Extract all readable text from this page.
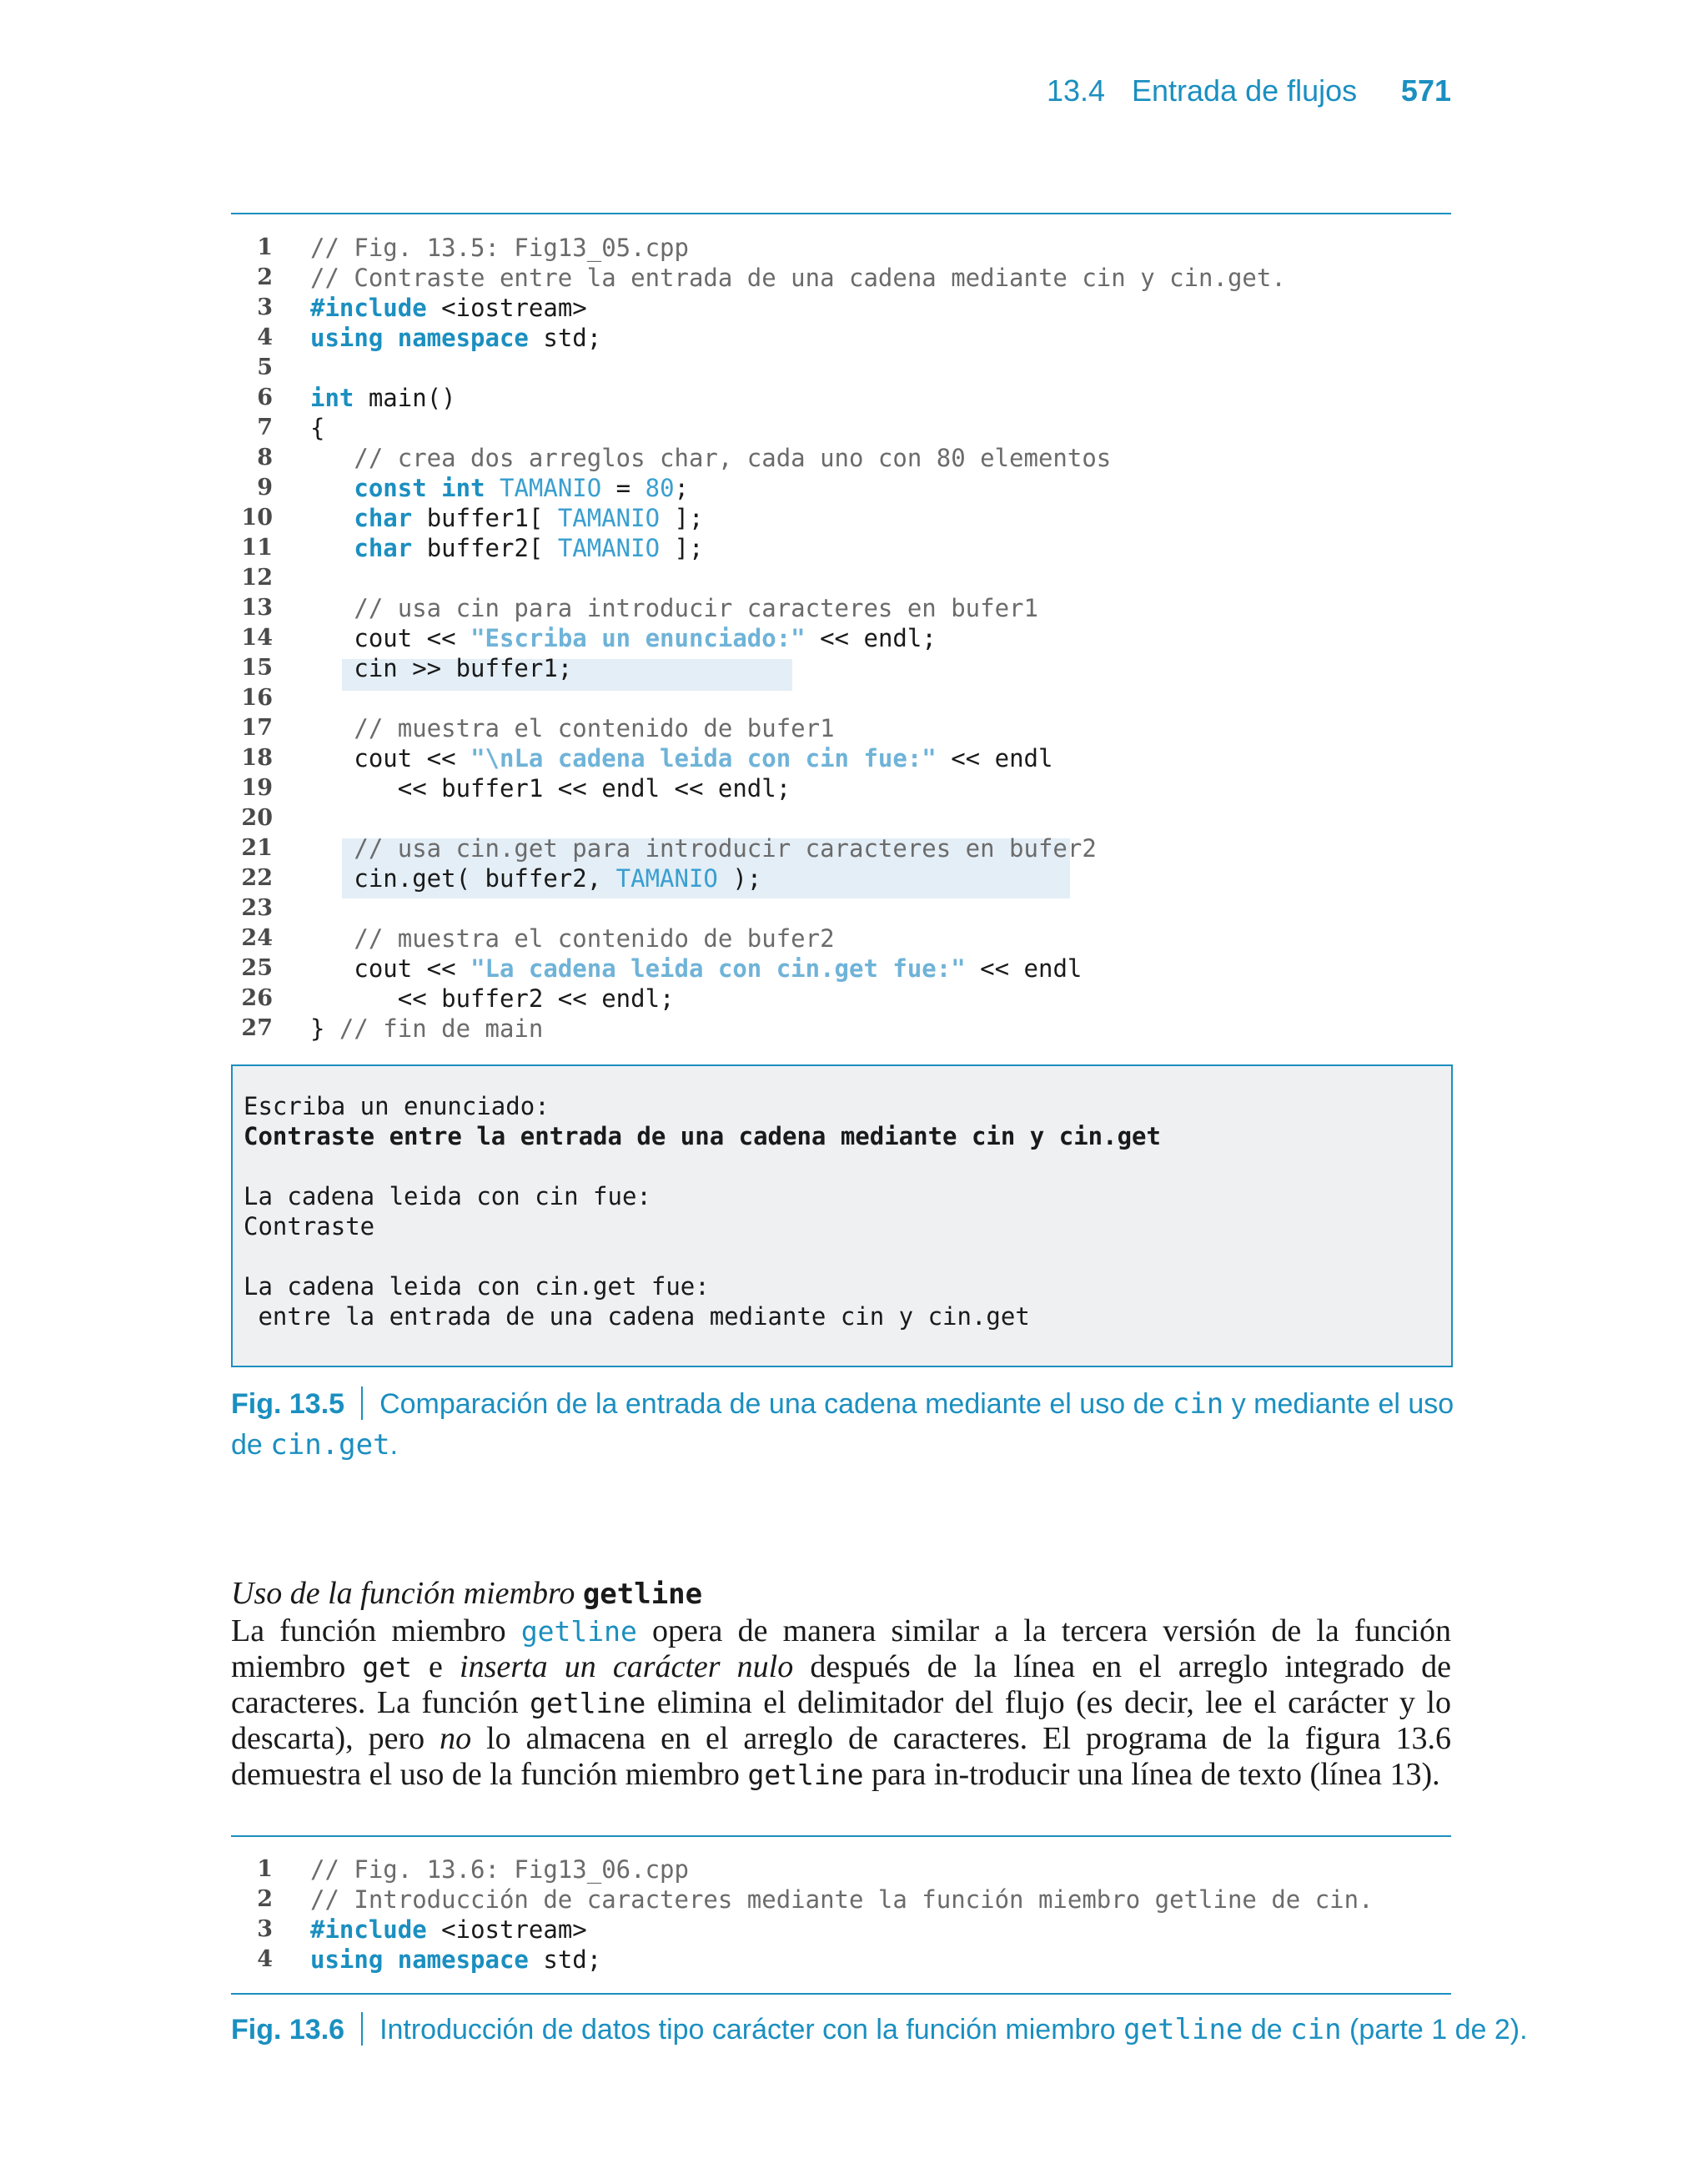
13.4 Entrada de flujos 571
1 // Fig. 13.5: Fig13_05.cpp
2 // Contraste entre la entrada de una cadena mediante cin y cin.get.
3 #include <iostream>
4 using namespace std;
5
6 int main()
7 {
8 // crea dos arreglos char, cada uno con 80 elementos
9	const int TAMANIO = 80;
10	char buffer1[ TAMANIO ];
11	char buffer2[ TAMANIO ];
12
13 // usa cin para introducir caracteres en bufer1
14 cout << "Escriba un enunciado:" << endl;
15 cin >> buffer1;
16
17 // muestra el contenido de bufer1
18 cout << "\nLa cadena leida con cin fue:" << endl
19 << buffer1 << endl << endl;
20
21 // usa cin.get para introducir caracteres en bufer2
22 cin.get( buffer2, TAMANIO );
23
24 // muestra el contenido de bufer2
25 cout << "La cadena leida con cin.get fue:" << endl
26 << buffer2 << endl;
27 } // fin de main
Escriba un enunciado:
Contraste entre la entrada de una cadena mediante cin y cin.get
La cadena leida con cin fue:
Contraste
La cadena leida con cin.get fue:
entre la entrada de una cadena mediante cin y cin.get
Fig. 13.5 Comparación de la entrada de una cadena mediante el uso de cin y mediante el uso
de cin.get.
Uso de la función miembro getline
La función miembro getline opera de manera similar a la tercera versión de la función miembro get e inserta un carácter nulo después de la línea en el arreglo integrado de caracteres. La función getline elimina el delimitador del flujo (es decir, lee el carácter y lo descarta), pero no lo almacena en el arreglo de caracteres. El programa de la figura 13.6 demuestra el uso de la función miembro getline para in-troducir una línea de texto (línea 13).
1 // Fig. 13.6: Fig13_06.cpp
2 // Introducción de caracteres mediante la función miembro getline de cin.
3 #include <iostream>
4 using namespace std;
Fig. 13.6 Introducción de datos tipo carácter con la función miembro getline de cin (parte 1 de 2).
